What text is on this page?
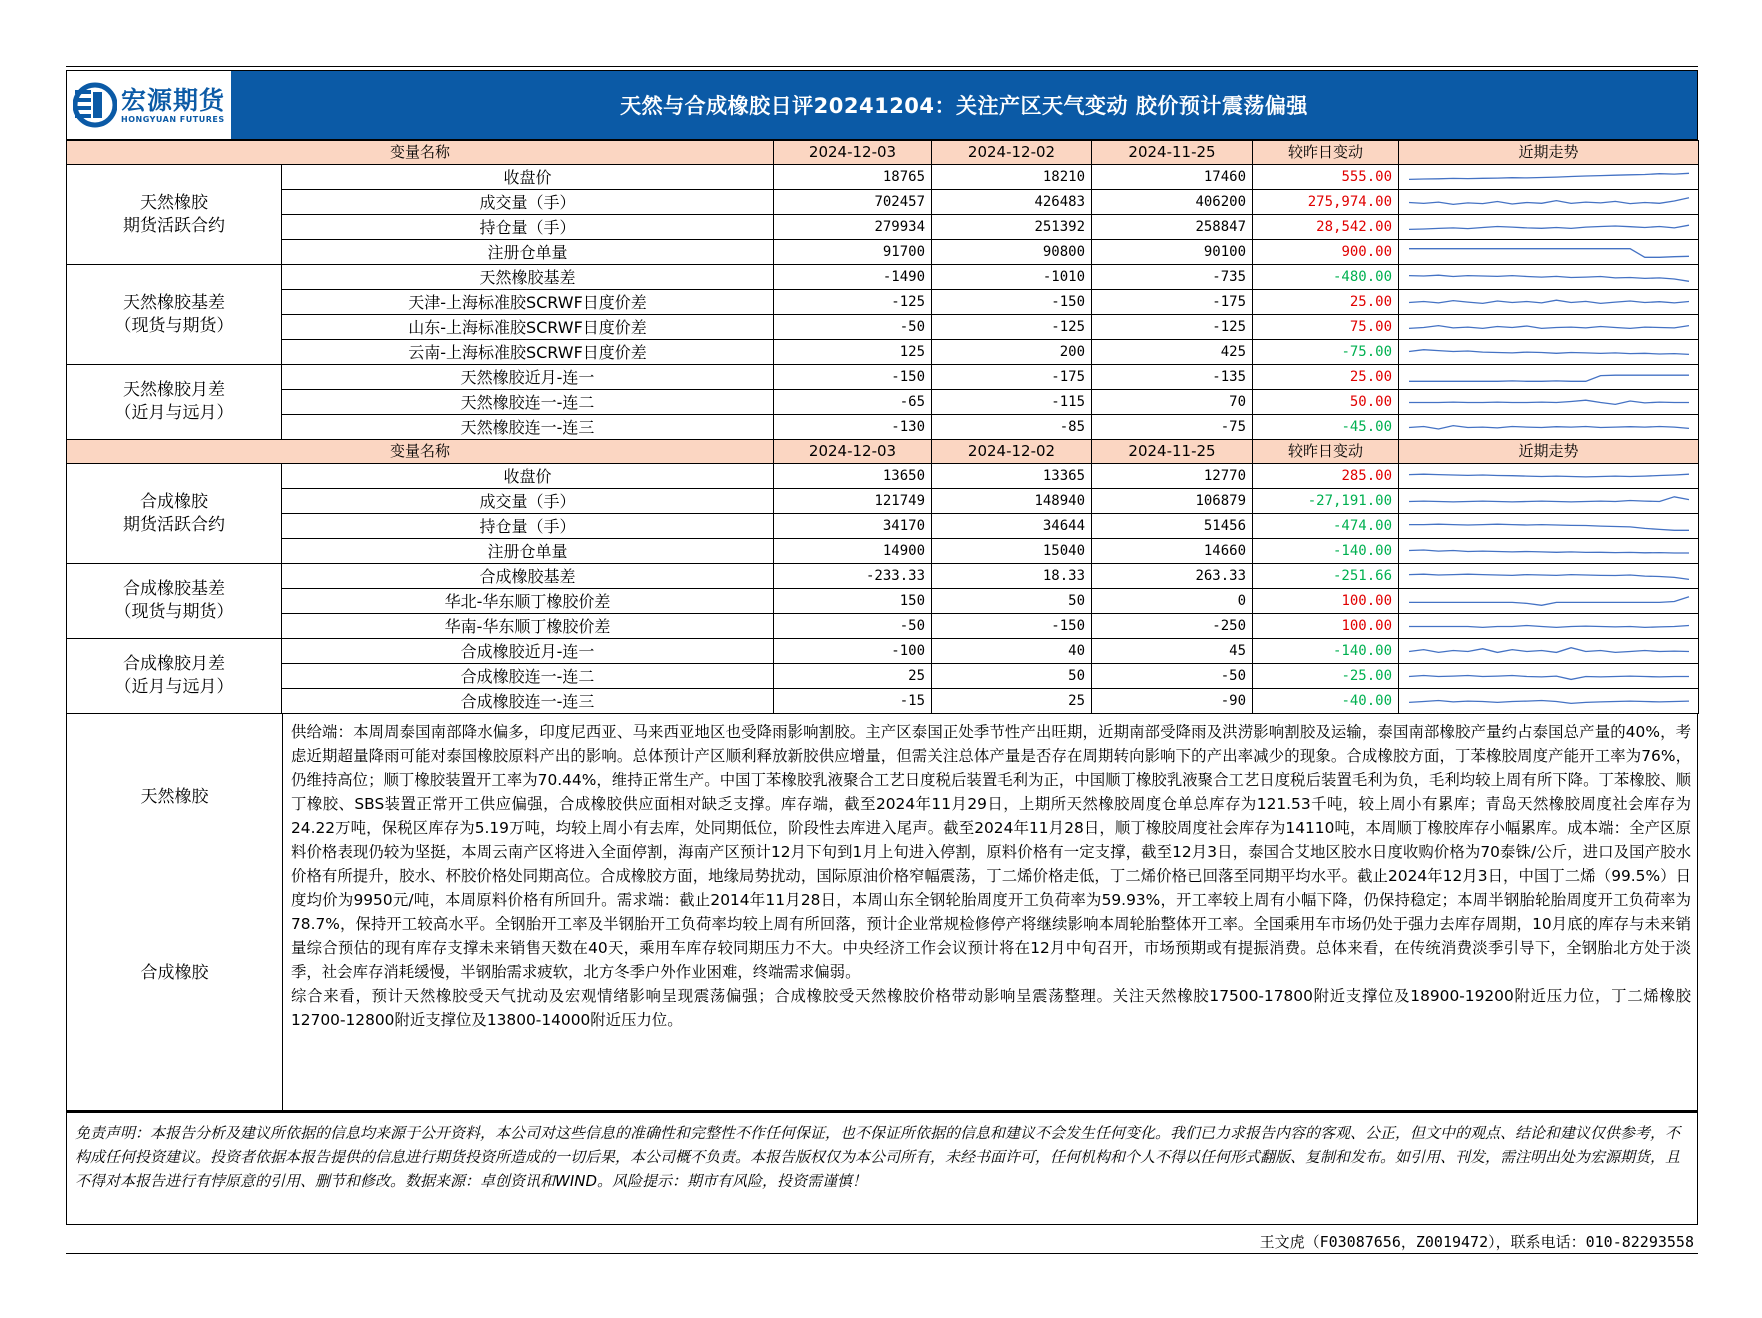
宏源期货
HONGYUAN FUTURES
天然与合成橡胶日评20241204：关注产区天气变动 胶价预计震荡偏强
变量名称		2024-12-03	2024-12-02	2024-11-25	较昨日变动	近期走势

天然橡胶
期货活跃合约	收盘价	18765	18210	17460	555.00	

	成交量（手）	702457	426483	406200	275,974.00	

	持仓量（手）	279934	251392	258847	28,542.00	

	注册仓单量	91700	90800	90100	900.00	

天然橡胶基差
（现货与期货）	天然橡胶基差	-1490	-1010	-735	-480.00	

	天津-上海标准胶SCRWF日度价差	-125	-150	-175	25.00	

	山东-上海标准胶SCRWF日度价差	-50	-125	-125	75.00	

	云南-上海标准胶SCRWF日度价差	125	200	425	-75.00	

天然橡胶月差
（近月与远月）	天然橡胶近月-连一	-150	-175	-135	25.00	

	天然橡胶连一-连二	-65	-115	70	50.00	

	天然橡胶连一-连三	-130	-85	-75	-45.00	

变量名称		2024-12-03	2024-12-02	2024-11-25	较昨日变动	近期走势

合成橡胶
期货活跃合约	收盘价	13650	13365	12770	285.00	

	成交量（手）	121749	148940	106879	-27,191.00	

	持仓量（手）	34170	34644	51456	-474.00	

	注册仓单量	14900	15040	14660	-140.00	

合成橡胶基差
（现货与期货）	合成橡胶基差	-233.33	18.33	263.33	-251.66	

	华北-华东顺丁橡胶价差	150	50	0	100.00	

	华南-华东顺丁橡胶价差	-50	-150	-250	100.00	

合成橡胶月差
（近月与远月）	合成橡胶近月-连一	-100	40	45	-140.00	

	合成橡胶连一-连二	25	50	-50	-25.00	

	合成橡胶连一-连三	-15	25	-90	-40.00	
天然橡胶
合成橡胶

供给端：本周周泰国南部降水偏多，印度尼西亚、马来西亚地区也受降雨影响割胶。主产区泰国正处季节性产出旺期，近期南部受降雨及洪涝影响割胶及运输，泰国南部橡胶产量约占泰国总产量的40%，考虑近期超量降雨可能对泰国橡胶原料产出的影响。总体预计产区顺利释放新胶供应增量，但需关注总体产量是否存在周期转向影响下的产出率减少的现象。合成橡胶方面，丁苯橡胶周度产能开工率为76%，仍维持高位；顺丁橡胶装置开工率为70.44%，维持正常生产。中国丁苯橡胶乳液聚合工艺日度税后装置毛利为正，中国顺丁橡胶乳液聚合工艺日度税后装置毛利为负，毛利均较上周有所下降。丁苯橡胶、顺丁橡胶、SBS装置正常开工供应偏强，合成橡胶供应面相对缺乏支撑。库存端，截至2024年11月29日，上期所天然橡胶周度仓单总库存为121.53千吨，较上周小有累库；青岛天然橡胶周度社会库存为24.22万吨，保税区库存为5.19万吨，均较上周小有去库，处同期低位，阶段性去库进入尾声。截至2024年11月28日，顺丁橡胶周度社会库存为14110吨，本周顺丁橡胶库存小幅累库。成本端：全产区原料价格表现仍较为坚挺，本周云南产区将进入全面停割，海南产区预计12月下旬到1月上旬进入停割，原料价格有一定支撑，截至12月3日，泰国合艾地区胶水日度收购价格为70泰铢/公斤，进口及国产胶水价格有所提升，胶水、杯胶价格处同期高位。合成橡胶方面，地缘局势扰动，国际原油价格窄幅震荡，丁二烯价格走低，丁二烯价格已回落至同期平均水平。截止2024年12月3日，中国丁二烯（99.5%）日度均价为9950元/吨，本周原料价格有所回升。需求端：截止2014年11月28日，本周山东全钢轮胎周度开工负荷率为59.93%，开工率较上周有小幅下降，仍保持稳定；本周半钢胎轮胎周度开工负荷率为78.7%，保持开工较高水平。全钢胎开工率及半钢胎开工负荷率均较上周有所回落，预计企业常规检修停产将继续影响本周轮胎整体开工率。全国乘用车市场仍处于强力去库存周期，10月底的库存与未来销量综合预估的现有库存支撑未来销售天数在40天，乘用车库存较同期压力不大。中央经济工作会议预计将在12月中旬召开，市场预期或有提振消费。总体来看，在传统消费淡季引导下，全钢胎北方处于淡季，社会库存消耗缓慢，半钢胎需求疲软，北方冬季户外作业困难，终端需求偏弱。

综合来看，预计天然橡胶受天气扰动及宏观情绪影响呈现震荡偏强；合成橡胶受天然橡胶价格带动影响呈震荡整理。关注天然橡胶17500-17800附近支撑位及18900-19200附近压力位，丁二烯橡胶12700-12800附近支撑位及13800-14000附近压力位。

免责声明：本报告分析及建议所依据的信息均来源于公开资料，本公司对这些信息的准确性和完整性不作任何保证，也不保证所依据的信息和建议不会发生任何变化。我们已力求报告内容的客观、公正，但文中的观点、结论和建议仅供参考，不构成任何投资建议。投资者依据本报告提供的信息进行期货投资所造成的一切后果，本公司概不负责。本报告版权仅为本公司所有，未经书面许可，任何机构和个人不得以任何形式翻版、复制和发布。如引用、刊发，需注明出处为宏源期货，且不得对本报告进行有悖原意的引用、删节和修改。数据来源：卓创资讯和WIND。风险提示：期市有风险，投资需谨慎！
王文虎（F03087656，Z0019472），联系电话：010-82293558
